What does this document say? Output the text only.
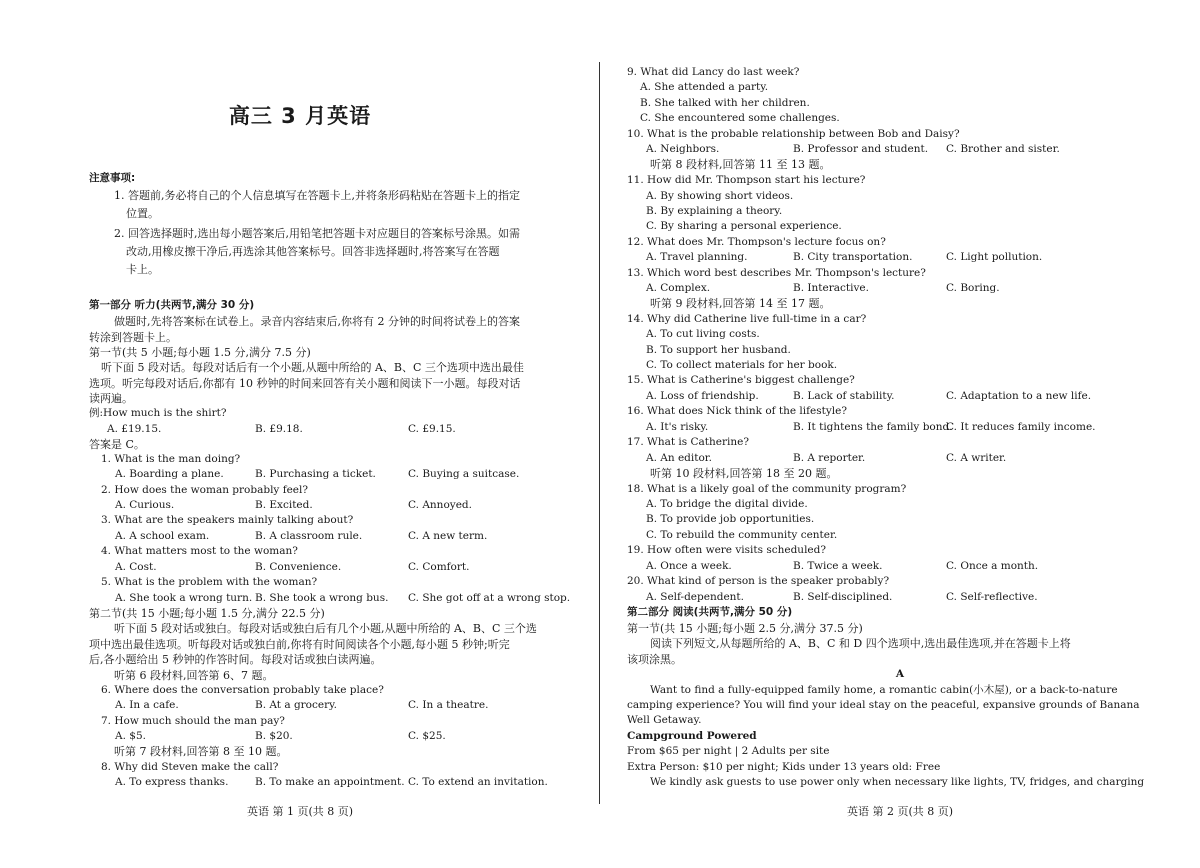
高三 3 月英语
注意事项:
1. 答题前,务必将自己的个人信息填写在答题卡上,并将条形码粘贴在答题卡上的指定
位置。
2. 回答选择题时,选出每小题答案后,用铅笔把答题卡对应题目的答案标号涂黑。如需
改动,用橡皮擦干净后,再选涂其他答案标号。回答非选择题时,将答案写在答题
卡上。
第一部分 听力(共两节,满分 30 分)
做题时,先将答案标在试卷上。录音内容结束后,你将有 2 分钟的时间将试卷上的答案
转涂到答题卡上。
第一节(共 5 小题;每小题 1.5 分,满分 7.5 分)
听下面 5 段对话。每段对话后有一个小题,从题中所给的 A、B、C 三个选项中选出最佳
选项。听完每段对话后,你都有 10 秒钟的时间来回答有关小题和阅读下一小题。每段对话
读两遍。
例:How much is the shirt?
A. £19.15.	B. £9.18.	C. £9.15.
答案是 C。
1. What is the man doing?
A. Boarding a plane.	B. Purchasing a ticket.	C. Buying a suitcase.
2. How does the woman probably feel?
A. Curious.	B. Excited.	C. Annoyed.
3. What are the speakers mainly talking about?
A. A school exam.	B. A classroom rule.	C. A new term.
4. What matters most to the woman?
A. Cost.	B. Convenience.	C. Comfort.
5. What is the problem with the woman?
A. She took a wrong turn. B. She took a wrong bus. C. She got off at a wrong stop.
第二节(共 15 小题;每小题 1.5 分,满分 22.5 分)
听下面 5 段对话或独白。每段对话或独白后有几个小题,从题中所给的 A、B、C 三个选
项中选出最佳选项。听每段对话或独白前,你将有时间阅读各个小题,每小题 5 秒钟;听完
后,各小题给出 5 秒钟的作答时间。每段对话或独白读两遍。
听第 6 段材料,回答第 6、7 题。
6. Where does the conversation probably take place?
A. In a cafe.	B. At a grocery.	C. In a theatre.
7. How much should the man pay?
A. $5.	B. $20.	C. $25.
听第 7 段材料,回答第 8 至 10 题。
8. Why did Steven make the call?
A. To express thanks.	B. To make an appointment. C. To extend an invitation.
英语 第 1 页(共 8 页)
9. What did Lancy do last week?
A. She attended a party.
B. She talked with her children.
C. She encountered some challenges.
10. What is the probable relationship between Bob and Daisy?
A. Neighbors.	B. Professor and student. C. Brother and sister.
听第 8 段材料,回答第 11 至 13 题。
11. How did Mr. Thompson start his lecture?
A. By showing short videos.
B. By explaining a theory.
C. By sharing a personal experience.
12. What does Mr. Thompson's lecture focus on?
A. Travel planning.	B. City transportation.	C. Light pollution.
13. Which word best describes Mr. Thompson's lecture?
A. Complex.	B. Interactive.	C. Boring.
听第 9 段材料,回答第 14 至 17 题。
14. Why did Catherine live full-time in a car?
A. To cut living costs.
B. To support her husband.
C. To collect materials for her book.
15. What is Catherine's biggest challenge?
A. Loss of friendship.	B. Lack of stability.	C. Adaptation to a new life.
16. What does Nick think of the lifestyle?
A. It's risky.	B. It tightens the family bond.
C. It reduces family income.
17. What is Catherine?
A. An editor.	B. A reporter.	C. A writer.
听第 10 段材料,回答第 18 至 20 题。
18. What is a likely goal of the community program?
A. To bridge the digital divide.
B. To provide job opportunities.
C. To rebuild the community center.
19. How often were visits scheduled?
A. Once a week.	B. Twice a week.	C. Once a month.
20. What kind of person is the speaker probably?
A. Self-dependent.	B. Self-disciplined.	C. Self-reflective.
第二部分 阅读(共两节,满分 50 分)
第一节(共 15 小题;每小题 2.5 分,满分 37.5 分)
阅读下列短文,从每题所给的 A、B、C 和 D 四个选项中,选出最佳选项,并在答题卡上将
该项涂黑。
A
Want to find a fully-equipped family home, a romantic cabin(小木屋), or a back-to-nature
camping experience? You will find your ideal stay on the peaceful, expansive grounds of Banana
Well Getaway.
Campground Powered
From $65 per night | 2 Adults per site
Extra Person: $10 per night; Kids under 13 years old: Free
We kindly ask guests to use power only when necessary like lights, TV, fridges, and charging
英语 第 2 页(共 8 页)
